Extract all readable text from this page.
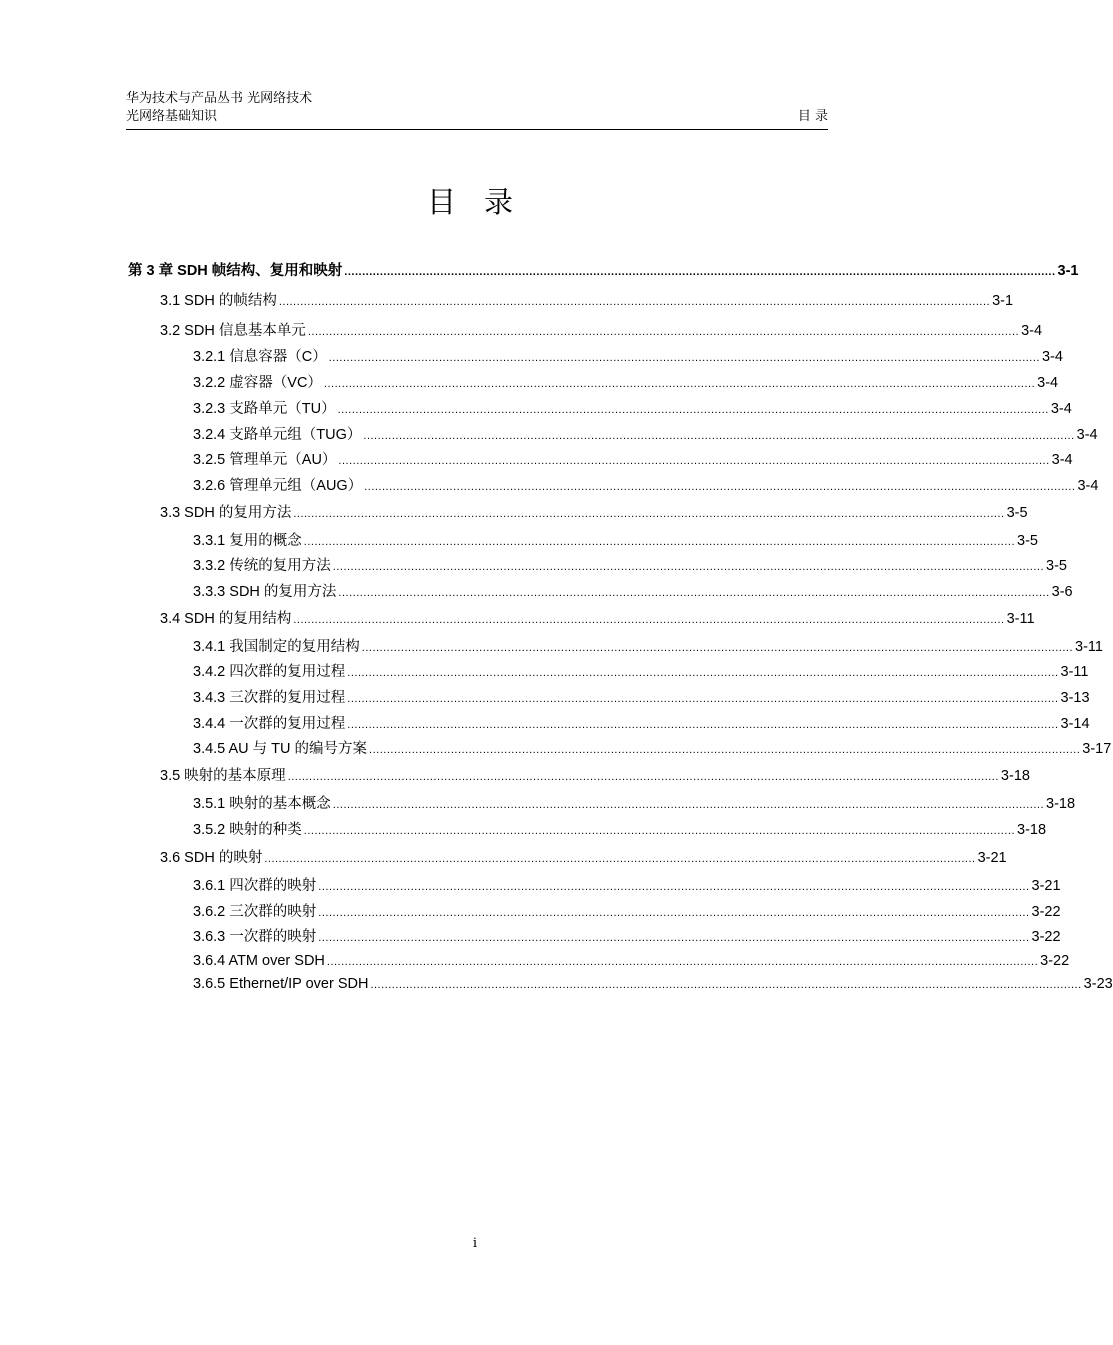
华为技术与产品丛书 光网络技术
光网络基础知识	目 录
目 录
第 3 章 SDH 帧结构、复用和映射 ........................................................................................................................................................................................................ 3-1
3.1 SDH 的帧结构 ........................................................................................................................................................................................................ 3-1
3.2 SDH 信息基本单元 ........................................................................................................................................................................................................ 3-4
3.2.1 信息容器（C） ........................................................................................................................................................................................................ 3-4
3.2.2 虚容器（VC） ........................................................................................................................................................................................................ 3-4
3.2.3 支路单元（TU） ........................................................................................................................................................................................................ 3-4
3.2.4 支路单元组（TUG） ........................................................................................................................................................................................................ 3-4
3.2.5 管理单元（AU） ........................................................................................................................................................................................................ 3-4
3.2.6 管理单元组（AUG） ........................................................................................................................................................................................................ 3-4
3.3 SDH 的复用方法 ........................................................................................................................................................................................................ 3-5
3.3.1 复用的概念 ........................................................................................................................................................................................................ 3-5
3.3.2 传统的复用方法 ........................................................................................................................................................................................................ 3-5
3.3.3 SDH 的复用方法 ........................................................................................................................................................................................................ 3-6
3.4 SDH 的复用结构 ........................................................................................................................................................................................................ 3-11
3.4.1 我国制定的复用结构 ........................................................................................................................................................................................................ 3-11
3.4.2 四次群的复用过程 ........................................................................................................................................................................................................ 3-11
3.4.3 三次群的复用过程 ........................................................................................................................................................................................................ 3-13
3.4.4 一次群的复用过程 ........................................................................................................................................................................................................ 3-14
3.4.5 AU 与 TU 的编号方案 ........................................................................................................................................................................................................ 3-17
3.5 映射的基本原理 ........................................................................................................................................................................................................ 3-18
3.5.1 映射的基本概念 ........................................................................................................................................................................................................ 3-18
3.5.2 映射的种类 ........................................................................................................................................................................................................ 3-18
3.6 SDH 的映射 ........................................................................................................................................................................................................ 3-21
3.6.1 四次群的映射 ........................................................................................................................................................................................................ 3-21
3.6.2 三次群的映射 ........................................................................................................................................................................................................ 3-22
3.6.3 一次群的映射 ........................................................................................................................................................................................................ 3-22
3.6.4 ATM over SDH ........................................................................................................................................................................................................ 3-22
3.6.5 Ethernet/IP over SDH ........................................................................................................................................................................................................ 3-23
i
